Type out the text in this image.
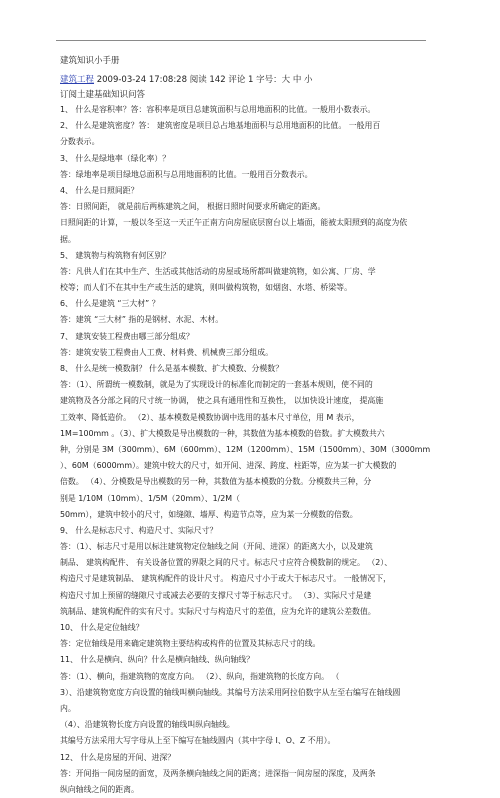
建筑知识小手册
建筑工程 2009-03-24 17:08:28 阅读 142 评论 1 字号：大 中 小
订阅土建基础知识问答
1、 什么是容积率？答：容积率是项目总建筑面积与总用地面积的比值。一般用小数表示。
2、 什么是建筑密度？答： 建筑密度是项目总占地基地面积与总用地面积的比值。 一般用百
分数表示。
3、 什么是绿地率（绿化率）？
答：绿地率是项目绿地总面积与总用地面积的比值。一般用百分数表示。
4、 什么是日照间距？
答：日照间距， 就是前后两栋建筑之间， 根据日照时间要求所确定的距离。
日照间距的计算，一般以冬至这一天正午正南方向房屋底层窗台以上墙面，能被太阳照到的高度为依
据。
5、 建筑物与构筑物有何区别？
答：凡供人们在其中生产、生活或其他活动的房屋或场所都叫做建筑物，如公寓、厂房、学
校等；而人们不在其中生产或生活的建筑，则叫做构筑物，如烟囱、水塔、桥梁等。
6、 什么是建筑 “三大材” ？
答：建筑 “三大材” 指的是钢材、水泥、木材。
7、 建筑安装工程费由哪三部分组成？
答：建筑安装工程费由人工费、材料费、机械费三部分组成。
8、 什么是统一模数制？ 什么是基本模数、扩大模数、分模数？
答：（1）、所谓统一模数制，就是为了实现设计的标准化而制定的一套基本规则，使不同的
建筑物及各分部之间的尺寸统一协调， 使之具有通用性和互换性， 以加快设计速度， 提高施
工效率、降低造价。 （2）、基本模数是模数协调中选用的基本尺寸单位，用 M 表示，
1M=100mm 。（3）、扩大模数是导出模数的一种，其数值为基本模数的倍数。扩大模数共六
种，分别是 3M（300mm）、6M（600mm）、12M（1200mm）、15M（1500mm）、30M（3000mm
）、60M（6000mm）。建筑中较大的尺寸，如开间、进深、跨度、柱距等，应为某一扩大模数的
倍数。 （4）、分模数是导出模数的另一种，其数值为基本模数的分数。分模数共三种，分
别是 1/10M（10mm）、1/5M（20mm）、1/2M（
50mm），建筑中较小的尺寸，如缝隙、墙厚、构造节点等，应为某一分模数的倍数。
9、 什么是标志尺寸、构造尺寸、实际尺寸？
答：（1）、标志尺寸是用以标注建筑物定位轴线之间（开间、进深）的距离大小，以及建筑
制品、 建筑构配件、 有关设备位置的界限之间的尺寸。标志尺寸应符合模数制的规定。 （2）、
构造尺寸是建筑制品、 建筑构配件的设计尺寸。 构造尺寸小于或大于标志尺寸。 一般情况下，
构造尺寸加上预留的缝隙尺寸或减去必要的支撑尺寸等于标志尺寸。 （3）、实际尺寸是建
筑制品、建筑构配件的实有尺寸。实际尺寸与构造尺寸的差值，应为允许的建筑公差数值。
10、 什么是定位轴线？
答：定位轴线是用来确定建筑物主要结构或构件的位置及其标志尺寸的线。
11、 什么是横向、纵向？什么是横向轴线、纵向轴线？
答：（1）、横向，指建筑物的宽度方向。 （2）、纵向，指建筑物的长度方向。 （
3）、沿建筑物宽度方向设置的轴线叫横向轴线。其编号方法采用阿拉伯数字从左至右编写在轴线圆
内。
（4）、沿建筑物长度方向设置的轴线叫纵向轴线。
其编号方法采用大写字母从上至下编写在轴线圆内（其中字母 I、O、Z 不用）。
12、 什么是房屋的开间、进深？
答：开间指一间房屋的面宽，及两条横向轴线之间的距离；进深指一间房屋的深度，及两条
纵向轴线之间的距离。
